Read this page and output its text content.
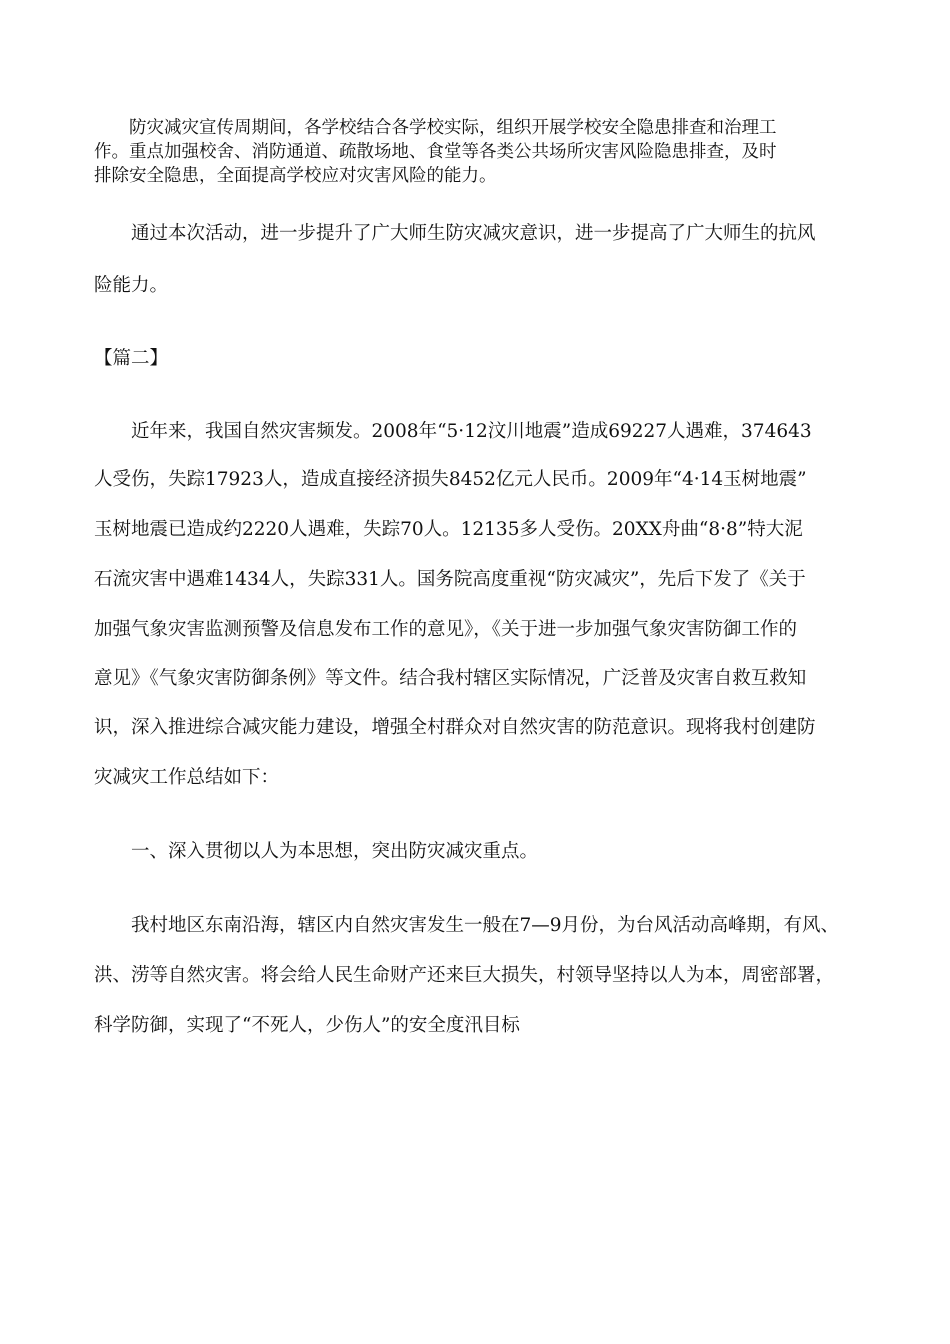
　　防灾减灾宣传周期间，各学校结合各学校实际，组织开展学校安全隐患排查和治理工

作。重点加强校舍、消防通道、疏散场地、食堂等各类公共场所灾害风险隐患排查，及时

排除安全隐患，全面提高学校应对灾害风险的能力。

　　通过本次活动，进一步提升了广大师生防灾减灾意识，进一步提高了广大师生的抗风

险能力。

【篇二】

　　近年来，我国自然灾害频发。2008年“5·12汶川地震”造成69227人遇难，374643

人受伤，失踪17923人，造成直接经济损失8452亿元人民币。2009年“4·14玉树地震”

玉树地震已造成约2220人遇难，失踪70人。12135多人受伤。20XX舟曲“8·8”特大泥

石流灾害中遇难1434人，失踪331人。国务院高度重视“防灾减灾”，先后下发了《关于

加强气象灾害监测预警及信息发布工作的意见》，《关于进一步加强气象灾害防御工作的

意见》《气象灾害防御条例》等文件。结合我村辖区实际情况，广泛普及灾害自救互救知

识，深入推进综合减灾能力建设，增强全村群众对自然灾害的防范意识。现将我村创建防

灾减灾工作总结如下：

　　一、深入贯彻以人为本思想，突出防灾减灾重点。

　　我村地区东南沿海，辖区内自然灾害发生一般在7—9月份，为台风活动高峰期，有风、

洪、涝等自然灾害。将会给人民生命财产还来巨大损失，村领导坚持以人为本，周密部署，

科学防御，实现了“不死人，少伤人”的安全度汛目标
